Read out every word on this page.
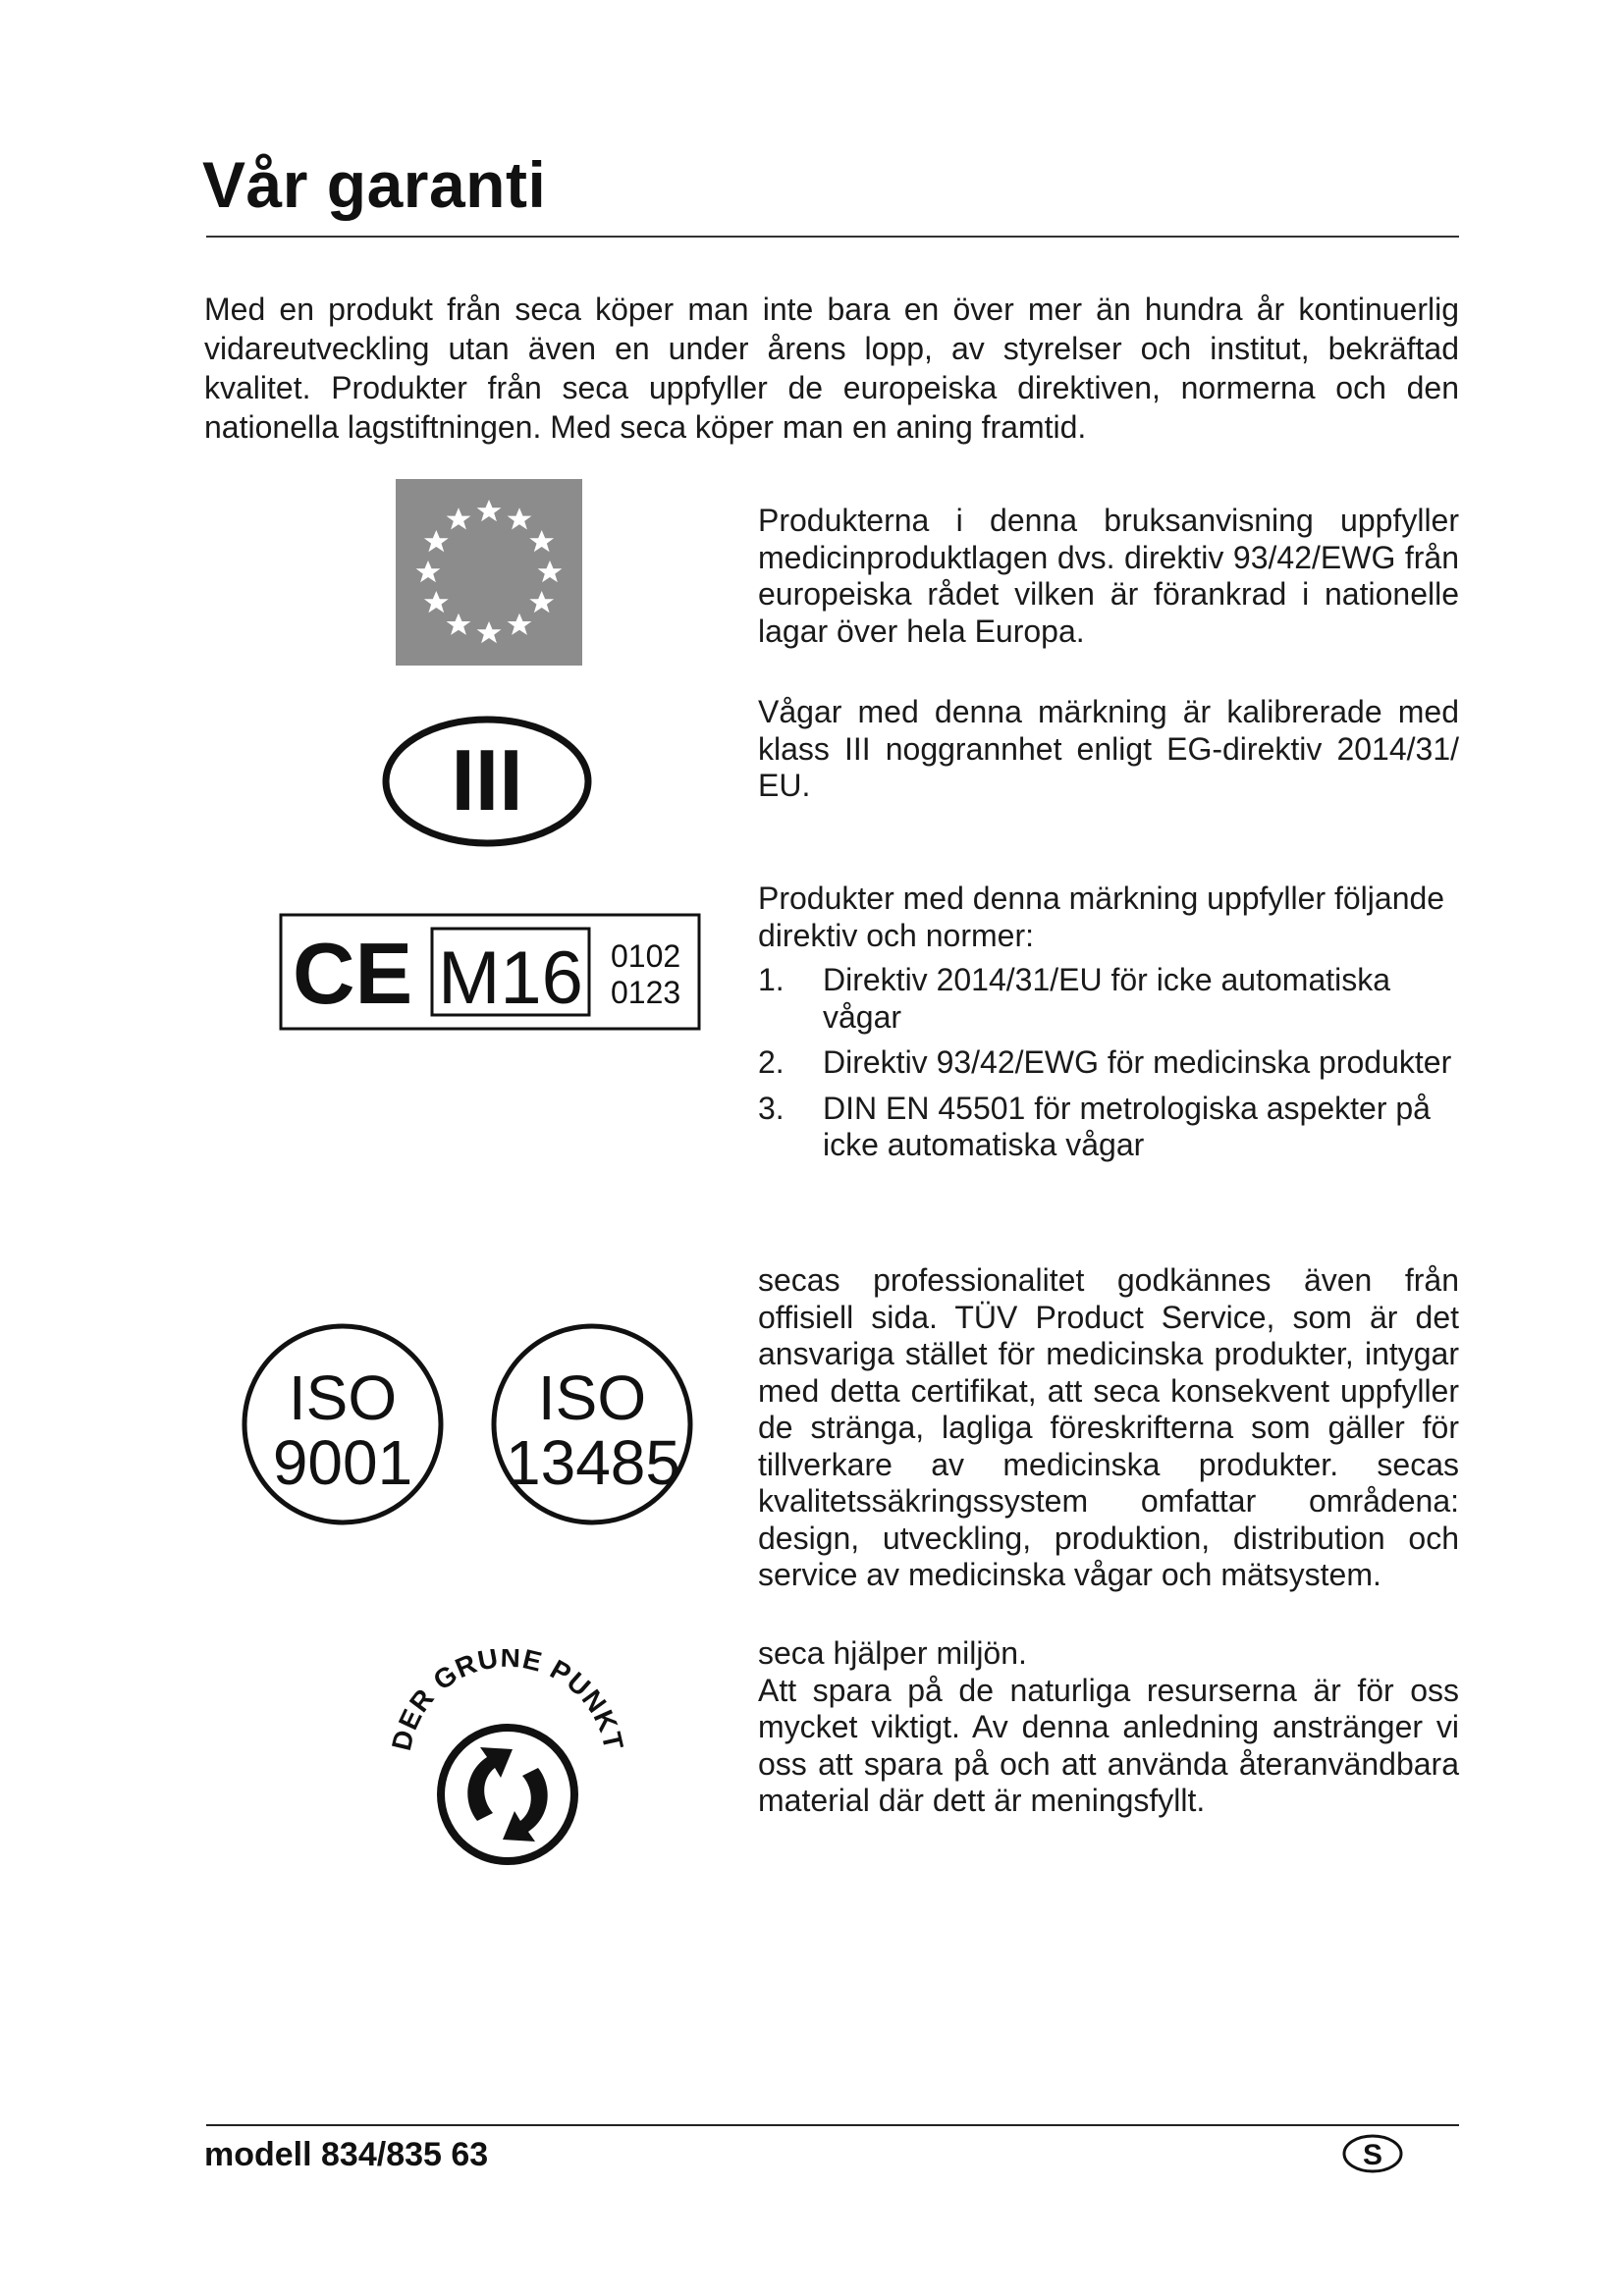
Vår garanti

Med en produkt från seca köper man inte bara en över mer än hundra år kontinuerlig vidareutveckling utan även en under årens lopp, av styrelser och institut, bekräftad kvalitet. Produkter från seca uppfyller de europeiska direktiven, normerna och den nationella lagstiftningen. Med seca köper man en aning framtid.

Produkterna i denna bruksanvisning uppfyller medicinproduktlagen dvs. direktiv 93/42/EWG från europeiska rådet vilken är förankrad i nationelle lagar över hela Europa.

III

Vågar med denna märkning är kalibrerade med klass III noggrannhet enligt EG-direktiv 2014/31/ EU.

CE M16 0102
0123

Produkter med denna märkning uppfyller följande direktiv och normer:

1. Direktiv 2014/31/EU för icke automatiska vågar
2. Direktiv 93/42/EWG för medicinska produkter
3. DIN EN 45501 för metrologiska aspekter på icke automatiska vågar
ISO
9001
ISO
13485

secas professionalitet godkännes även från offisiell sida. TÜV Product Service, som är det ansvariga stället för medicinska produkter, intygar med detta certifikat, att seca konsekvent uppfyller de stränga, lagliga föreskrifterna som gäller för tillverkare av medicinska produkter. secas kvalitetssäkringssystem omfattar områdena: design, utveckling, produktion, distribution och service av medicinska vågar och mätsystem.

DER GRÜNE PUNKT

seca hjälper miljön.

Att spara på de naturliga resurserna är för oss mycket viktigt. Av denna anledning anstränger vi oss att spara på och att använda återanvändbara material där dett är meningsfyllt.

modell 834/835 63	S
